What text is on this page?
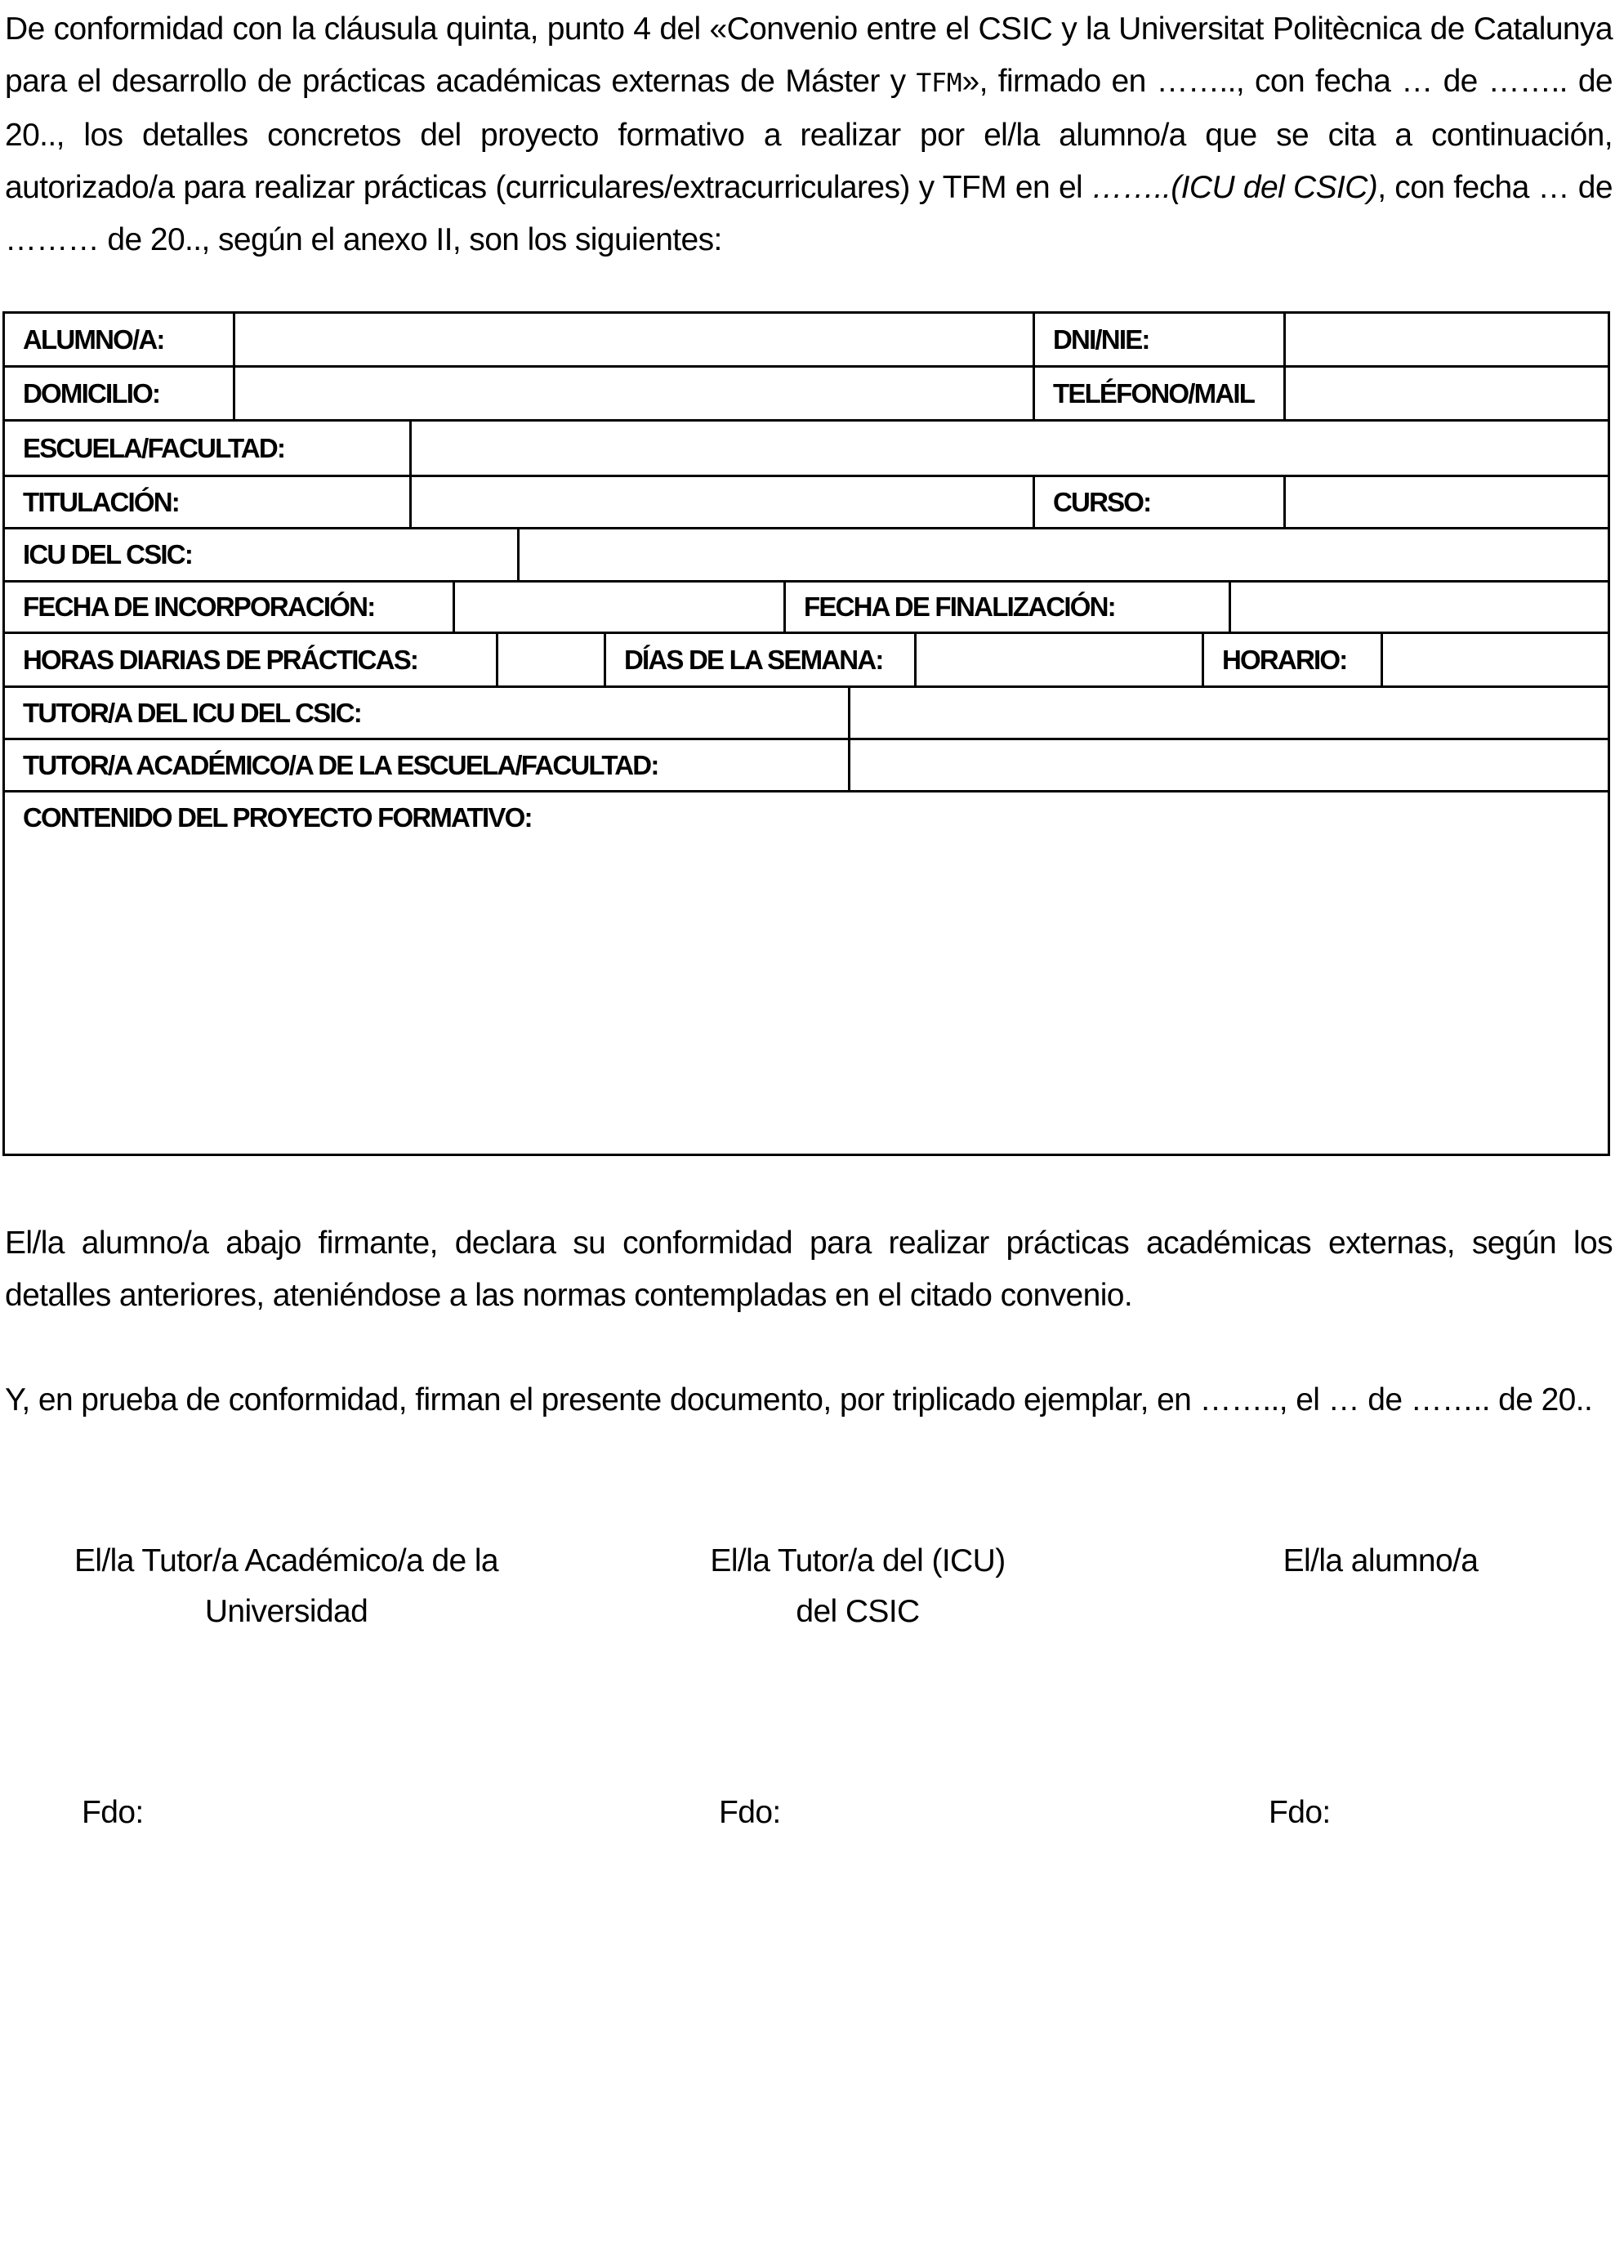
De conformidad con la cláusula quinta, punto 4 del «Convenio entre el CSIC y la Universitat Politècnica de Catalunya para el desarrollo de prácticas académicas externas de Máster y TFM», firmado en …….., con fecha … de …….. de 20.., los detalles concretos del proyecto formativo a realizar por el/la alumno/a que se cita a continuación, autorizado/a para realizar prácticas (curriculares/extracurriculares) y TFM en el ……..(ICU del CSIC), con fecha … de ……… de 20.., según el anexo II, son los siguientes:

ALUMNO/A:	DNI/NIE:
DOMICILIO:	TELÉFONO/MAIL
ESCUELA/FACULTAD:
TITULACIÓN:	CURSO:
ICU DEL CSIC:
FECHA DE INCORPORACIÓN:	FECHA DE FINALIZACIÓN:
HORAS DIARIAS DE PRÁCTICAS:	DÍAS DE LA SEMANA:	HORARIO:
TUTOR/A DEL ICU DEL CSIC:
TUTOR/A ACADÉMICO/A DE LA ESCUELA/FACULTAD:
CONTENIDO DEL PROYECTO FORMATIVO:

El/la alumno/a abajo firmante, declara su conformidad para realizar prácticas académicas externas, según los detalles anteriores, ateniéndose a las normas contempladas en el citado convenio.

Y, en prueba de conformidad, firman el presente documento, por triplicado ejemplar, en …….., el … de …….. de 20..

El/la Tutor/a Académico/a de la
Universidad
El/la Tutor/a del (ICU)
del CSIC
El/la alumno/a
Fdo:	Fdo:	Fdo:
